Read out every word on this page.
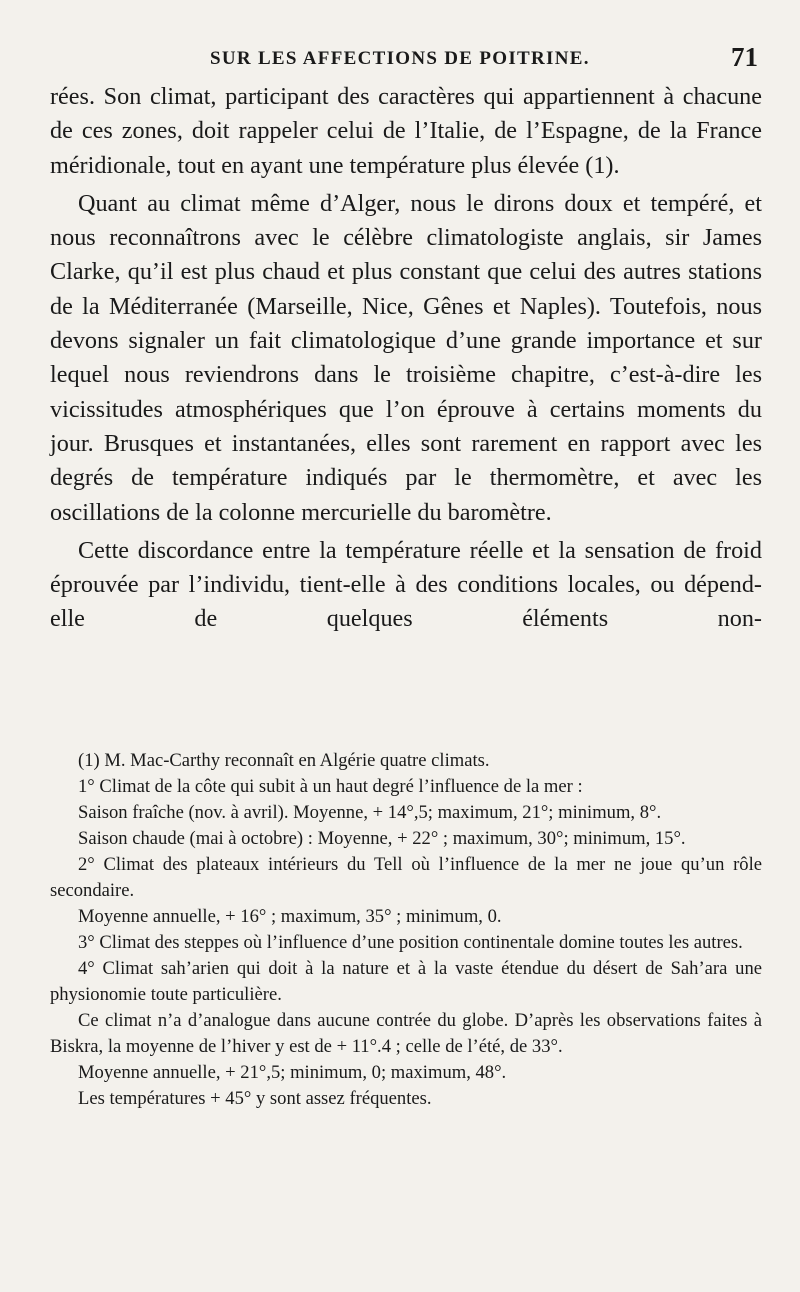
SUR LES AFFECTIONS DE POITRINE.	71

rées. Son climat, participant des caractères qui appartiennent à chacune de ces zones, doit rappeler celui de l’Italie, de l’Espagne, de la France méridionale, tout en ayant une température plus élevée (1).

Quant au climat même d’Alger, nous le dirons doux et tempéré, et nous reconnaîtrons avec le célèbre climatologiste anglais, sir James Clarke, qu’il est plus chaud et plus constant que celui des autres stations de la Méditerranée (Marseille, Nice, Gênes et Naples). Toutefois, nous devons signaler un fait climatologique d’une grande importance et sur lequel nous reviendrons dans le troisième chapitre, c’est-à-dire les vicissitudes atmosphériques que l’on éprouve à certains moments du jour. Brusques et instantanées, elles sont rarement en rapport avec les degrés de température indiqués par le thermomètre, et avec les oscillations de la colonne mercurielle du baromètre.

Cette discordance entre la température réelle et la sensation de froid éprouvée par l’individu, tient-elle à des conditions locales, ou dépend-elle de quelques éléments non-

(1) M. Mac-Carthy reconnaît en Algérie quatre climats.

1° Climat de la côte qui subit à un haut degré l’influence de la mer :

Saison fraîche (nov. à avril). Moyenne, + 14°,5; maximum, 21°; minimum, 8°.

Saison chaude (mai à octobre) : Moyenne, + 22° ; maximum, 30°; minimum, 15°.

2° Climat des plateaux intérieurs du Tell où l’influence de la mer ne joue qu’un rôle secondaire.

Moyenne annuelle, + 16° ; maximum, 35° ; minimum, 0.

3° Climat des steppes où l’influence d’une position continentale domine toutes les autres.

4° Climat sah’arien qui doit à la nature et à la vaste étendue du désert de Sah’ara une physionomie toute particulière.

Ce climat n’a d’analogue dans aucune contrée du globe. D’après les observations faites à Biskra, la moyenne de l’hiver y est de + 11°.4 ; celle de l’été, de 33°.

Moyenne annuelle, + 21°,5; minimum, 0; maximum, 48°.

Les températures + 45° y sont assez fréquentes.
